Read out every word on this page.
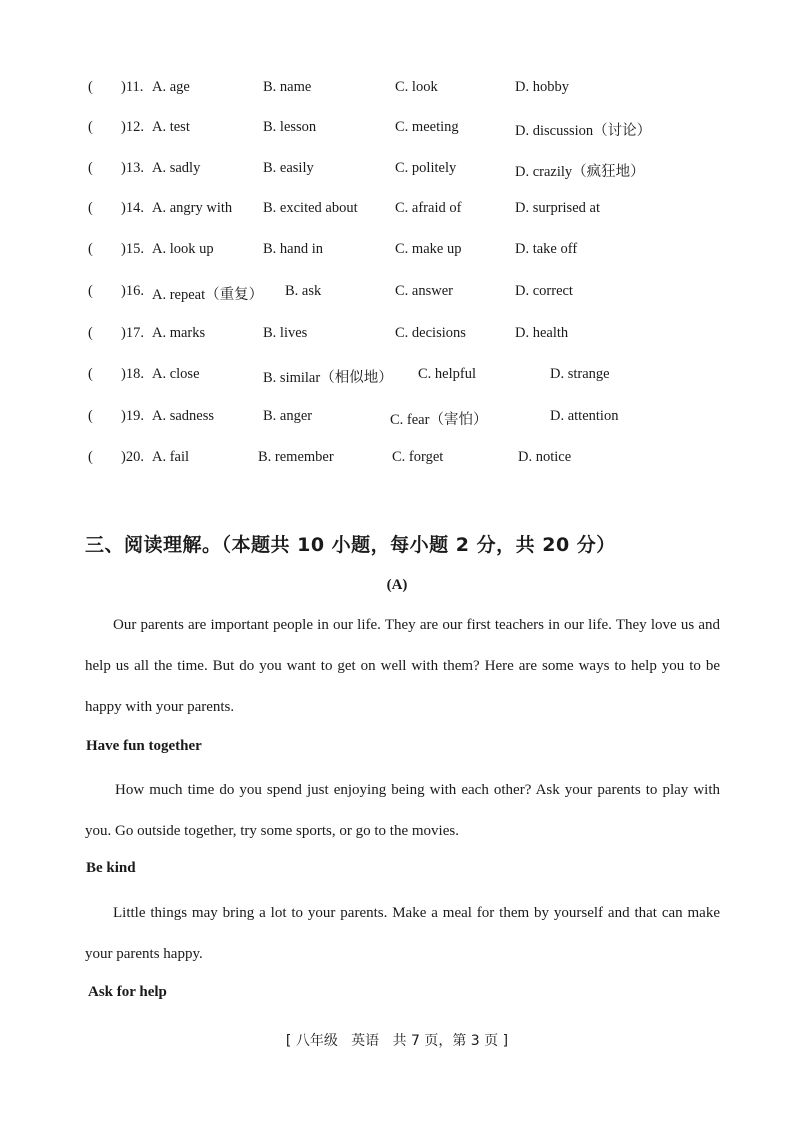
( )11. A. age	B. name	C. look	D. hobby
( )12. A. test	B. lesson	C. meeting	D. discussion（讨论）
( )13. A. sadly	B. easily	C. politely	D. crazily（疯狂地）
( )14. A. angry with B. excited about	C. afraid of	D. surprised at
( )15. A. look up	B. hand in	C. make up	D. take off
( )16. A. repeat（重复） B. ask	C. answer	D. correct
( )17. A. marks	B. lives	C. decisions	D. health
( )18. A. close	B. similar（相似地） C. helpful	D. strange
( )19. A. sadness	B. anger	C. fear（害怕）	D. attention
( )20. A. fail	B. remember	C. forget	D. notice
三、阅读理解。（本题共 10 小题，每小题 2 分，共 20 分）
(A)
Our parents are important people in our life. They are our first teachers in our life. They love us and help us all the time. But do you want to get on well with them? Here are some ways to help you to be happy with your parents.
Have fun together
How much time do you spend just enjoying being with each other? Ask your parents to play with you. Go outside together, try some sports, or go to the movies.
Be kind
Little things may bring a lot to your parents. Make a meal for them by yourself and that can make your parents happy.
Ask for help
[ 八年级   英语   共 7 页，第 3 页 ]
